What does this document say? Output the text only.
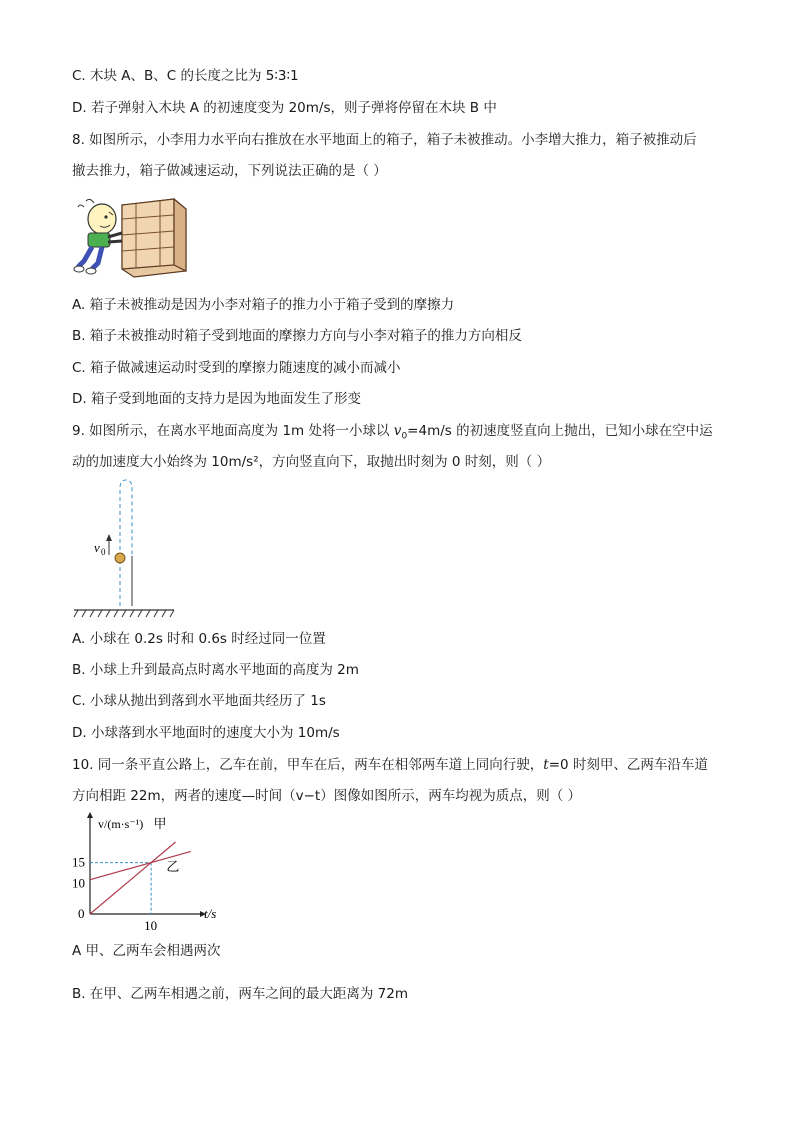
C. 木块 A、B、C 的长度之比为 5∶3∶1
D. 若子弹射入木块 A 的初速度变为 20m/s，则子弹将停留在木块 B 中
8. 如图所示，小李用力水平向右推放在水平地面上的箱子，箱子未被推动。小李增大推力，箱子被推动后
撤去推力，箱子做减速运动，下列说法正确的是（ ）
A. 箱子未被推动是因为小李对箱子的推力小于箱子受到的摩擦力
B. 箱子未被推动时箱子受到地面的摩擦力方向与小李对箱子的推力方向相反
C. 箱子做减速运动时受到的摩擦力随速度的减小而减小
D. 箱子受到地面的支持力是因为地面发生了形变
9. 如图所示，在离水平地面高度为 1m 处将一小球以 $v_0=4m/s$ 的初速度竖直向上抛出，已知小球在空中运
动的加速度大小始终为 10m/s²，方向竖直向下，取抛出时刻为 0 时刻，则（ ）
v 0
A. 小球在 0.2s 时和 0.6s 时经过同一位置
B. 小球上升到最高点时离水平地面的高度为 2m
C. 小球从抛出到落到水平地面共经历了 1s
D. 小球落到水平地面时的速度大小为 10m/s
10. 同一条平直公路上，乙车在前，甲车在后，两车在相邻两车道上同向行驶，t=0 时刻甲、乙两车沿车道
方向相距 22m，两者的速度—时间（v−t）图像如图所示，两车均视为质点，则（ ）
v/(m·s⁻¹)
t/s
0
10
15
10
甲
乙
A 甲、乙两车会相遇两次
B. 在甲、乙两车相遇之前，两车之间的最大距离为 72m
